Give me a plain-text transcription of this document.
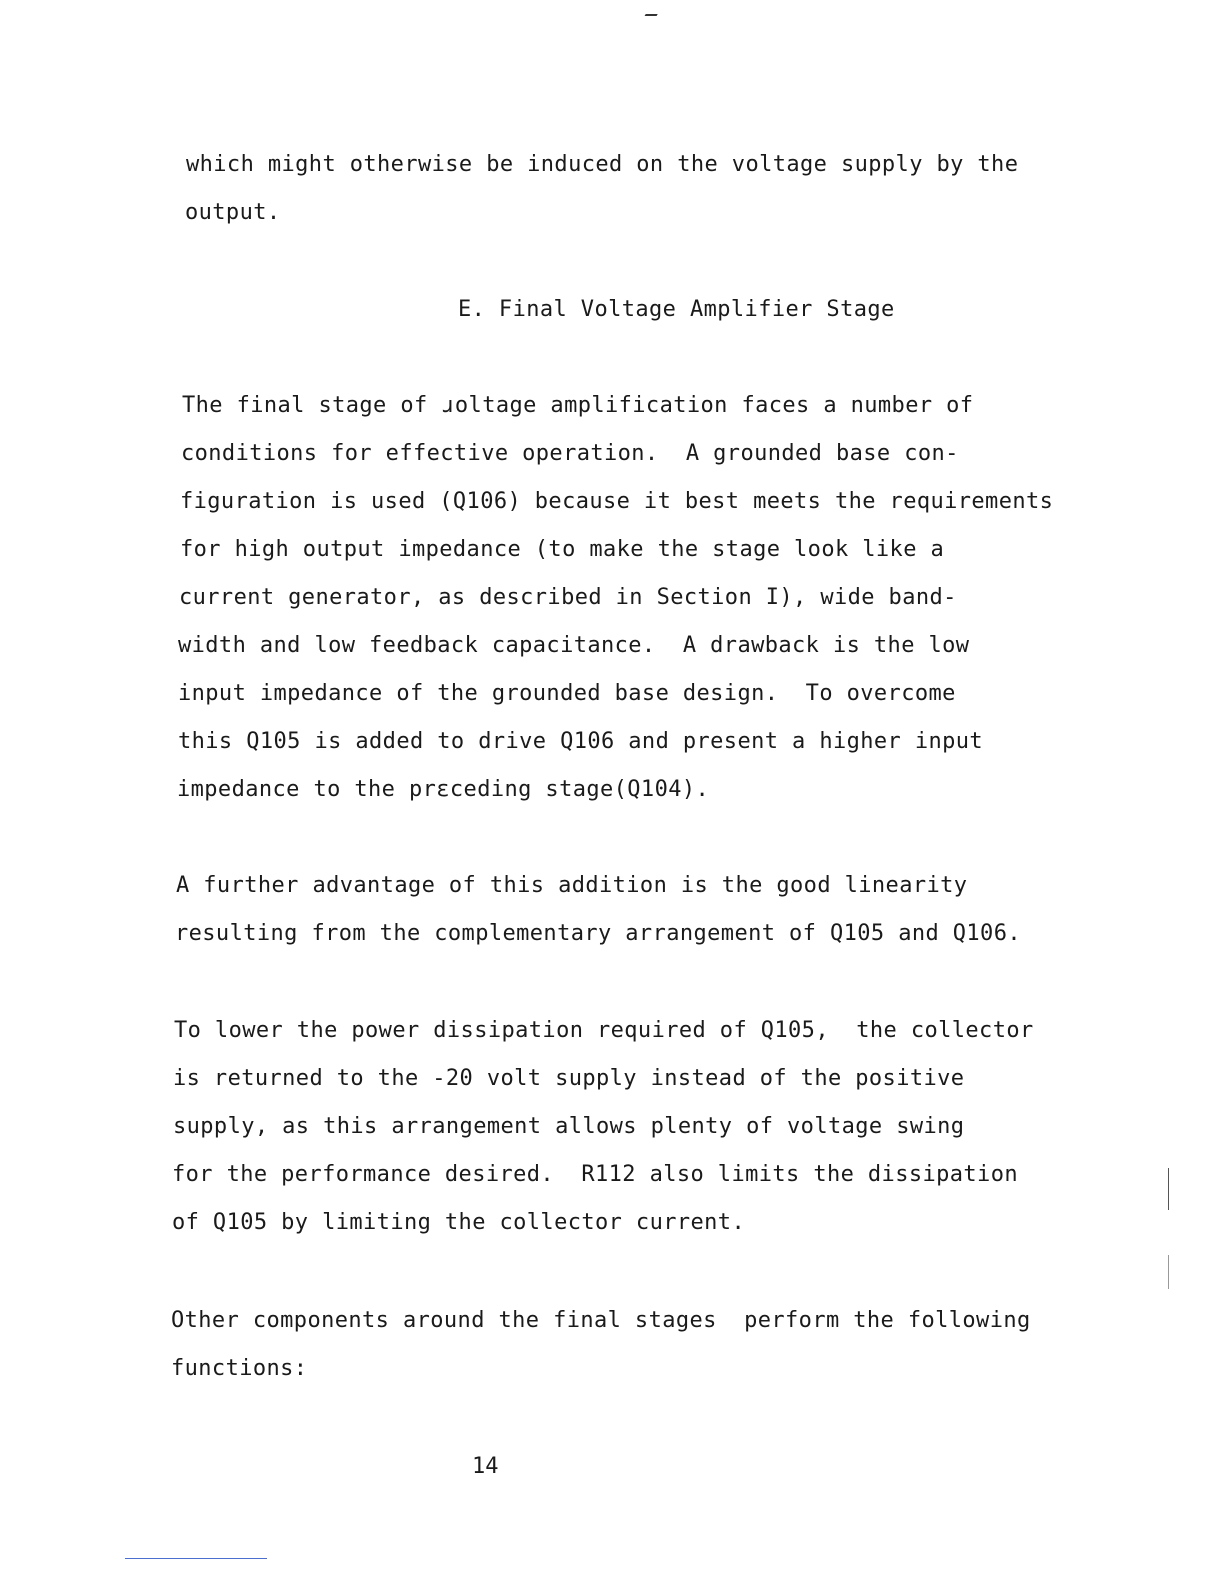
which might otherwise be induced on the voltage supply by the
output.
E. Final Voltage Amplifier Stage
The final stage of ɹoltage amplification faces a number of
conditions for effective operation.  A grounded base con-
figuration is used (Q106) because it best meets the requirements
for high output impedance (to make the stage look like a
current generator, as described in Section I), wide band-
width and low feedback capacitance.  A drawback is the low
input impedance of the grounded base design.  To overcome
this Q105 is added to drive Q106 and present a higher input
impedance to the prεceding stage(Q104).
A further advantage of this addition is the good linearity
resulting from the complementary arrangement of Q105 and Q106.
To lower the power dissipation required of Q105,  the collector
is returned to the -20 volt supply instead of the positive
supply, as this arrangement allows plenty of voltage swing
for the performance desired.  R112 also limits the dissipation
of Q105 by limiting the collector current.
Other components around the final stages  perform the following
functions:
14
